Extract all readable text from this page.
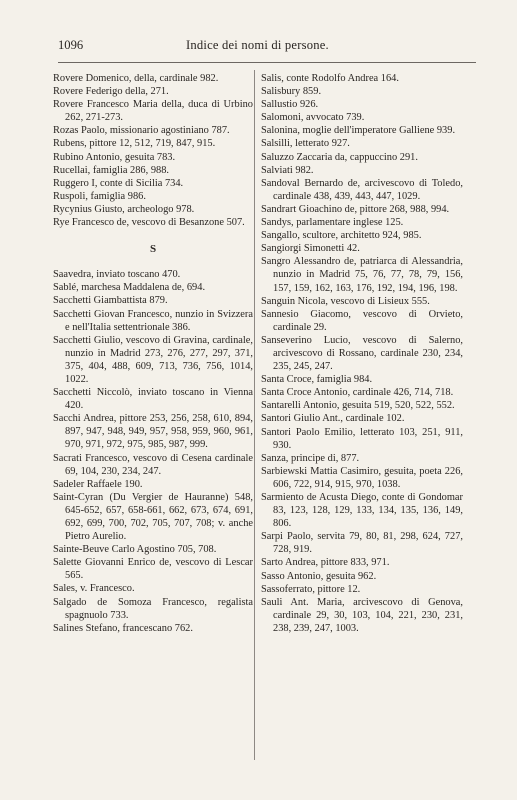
1096	Indice dei nomi di persone.

Rovere Domenico, della, cardinale 982.

Rovere Federigo della, 271.

Rovere Francesco Maria della, duca di Urbino 262, 271-273.

Rozas Paolo, missionario agostiniano 787.

Rubens, pittore 12, 512, 719, 847, 915.

Rubino Antonio, gesuita 783.

Rucellai, famiglia 286, 988.

Ruggero I, conte di Sicilia 734.

Ruspoli, famiglia 986.

Rycynius Giusto, archeologo 978.

Rye Francesco de, vescovo di Besanzone 507.

S

Saavedra, inviato toscano 470.

Sablé, marchesa Maddalena de, 694.

Sacchetti Giambattista 879.

Sacchetti Giovan Francesco, nunzio in Svizzera e nell'Italia settentrionale 386.

Sacchetti Giulio, vescovo di Gravina, cardinale, nunzio in Madrid 273, 276, 277, 297, 371, 375, 404, 488, 609, 713, 736, 756, 1014, 1022.

Sacchetti Niccolò, inviato toscano in Vienna 420.

Sacchi Andrea, pittore 253, 256, 258, 610, 894, 897, 947, 948, 949, 957, 958, 959, 960, 961, 970, 971, 972, 975, 985, 987, 999.

Sacrati Francesco, vescovo di Cesena cardinale 69, 104, 230, 234, 247.

Sadeler Raffaele 190.

Saint-Cyran (Du Vergier de Hauranne) 548, 645-652, 657, 658-661, 662, 673, 674, 691, 692, 699, 700, 702, 705, 707, 708; v. anche Pietro Aurelio.

Sainte-Beuve Carlo Agostino 705, 708.

Salette Giovanni Enrico de, vescovo di Lescar 565.

Sales, v. Francesco.

Salgado de Somoza Francesco, regalista spagnuolo 733.

Salines Stefano, francescano 762.

Salis, conte Rodolfo Andrea 164.

Salisbury 859.

Sallustio 926.

Salomoni, avvocato 739.

Salonina, moglie dell'imperatore Galliene 939.

Salsilli, letterato 927.

Saluzzo Zaccaria da, cappuccino 291.

Salviati 982.

Sandoval Bernardo de, arcivescovo di Toledo, cardinale 438, 439, 443, 447, 1029.

Sandrart Gioachino de, pittore 268, 988, 994.

Sandys, parlamentare inglese 125.

Sangallo, scultore, architetto 924, 985.

Sangiorgi Simonetti 42.

Sangro Alessandro de, patriarca di Alessandria, nunzio in Madrid 75, 76, 77, 78, 79, 156, 157, 159, 162, 163, 176, 192, 194, 196, 198.

Sanguin Nicola, vescovo di Lisieux 555.

Sannesio Giacomo, vescovo di Orvieto, cardinale 29.

Sanseverino Lucio, vescovo di Salerno, arcivescovo di Rossano, cardinale 230, 234, 235, 245, 247.

Santa Croce, famiglia 984.

Santa Croce Antonio, cardinale 426, 714, 718.

Santarelli Antonio, gesuita 519, 520, 522, 552.

Santori Giulio Ant., cardinale 102.

Santori Paolo Emilio, letterato 103, 251, 911, 930.

Sanza, principe di, 877.

Sarbiewski Mattia Casimiro, gesuita, poeta 226, 606, 722, 914, 915, 970, 1038.

Sarmiento de Acusta Diego, conte di Gondomar 83, 123, 128, 129, 133, 134, 135, 136, 149, 806.

Sarpi Paolo, servita 79, 80, 81, 298, 624, 727, 728, 919.

Sarto Andrea, pittore 833, 971.

Sasso Antonio, gesuita 962.

Sassoferrato, pittore 12.

Sauli Ant. Maria, arcivescovo di Genova, cardinale 29, 30, 103, 104, 221, 230, 231, 238, 239, 247, 1003.
